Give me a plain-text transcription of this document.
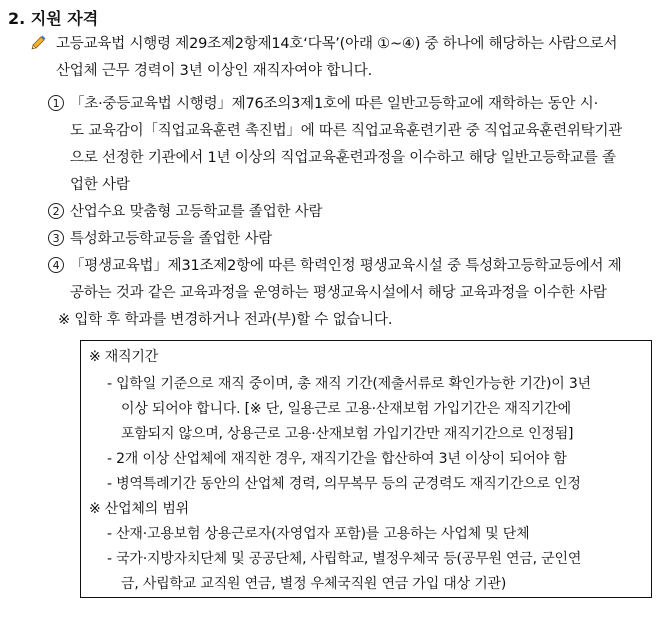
2. 지원 자격
고등교육법 시행령 제29조제2항제14호‘다목’(아래 ①~④) 중 하나에 해당하는 사람으로서
산업체 근무 경력이 3년 이상인 재직자여야 합니다.
1 「초·중등교육법 시행령」제76조의3제1호에 따른 일반고등학교에 재학하는 동안 시·
도 교육감이「직업교육훈련 촉진법」에 따른 직업교육훈련기관 중 직업교육훈련위탁기관
으로 선정한 기관에서 1년 이상의 직업교육훈련과정을 이수하고 해당 일반고등학교를 졸
업한 사람
2 산업수요 맞춤형 고등학교를 졸업한 사람
3 특성화고등학교등을 졸업한 사람
4 「평생교육법」제31조제2항에 따른 학력인정 평생교육시설 중 특성화고등학교등에서 제
공하는 것과 같은 교육과정을 운영하는 평생교육시설에서 해당 교육과정을 이수한 사람
※ 입학 후 학과를 변경하거나 전과(부)할 수 없습니다.
※ 재직기간
- 입학일 기준으로 재직 중이며, 총 재직 기간(제출서류로 확인가능한 기간)이 3년
이상 되어야 합니다. [※ 단, 일용근로 고용·산재보험 가입기간은 재직기간에
포함되지 않으며, 상용근로 고용·산재보험 가입기간만 재직기간으로 인정됨]
- 2개 이상 산업체에 재직한 경우, 재직기간을 합산하여 3년 이상이 되어야 함
- 병역특례기간 동안의 산업체 경력, 의무복무 등의 군경력도 재직기간으로 인정
※ 산업체의 범위
- 산재·고용보험 상용근로자(자영업자 포함)를 고용하는 사업체 및 단체
- 국가·지방자치단체 및 공공단체, 사립학교, 별정우체국 등(공무원 연금, 군인연
금, 사립학교 교직원 연금, 별정 우체국직원 연금 가입 대상 기관)
